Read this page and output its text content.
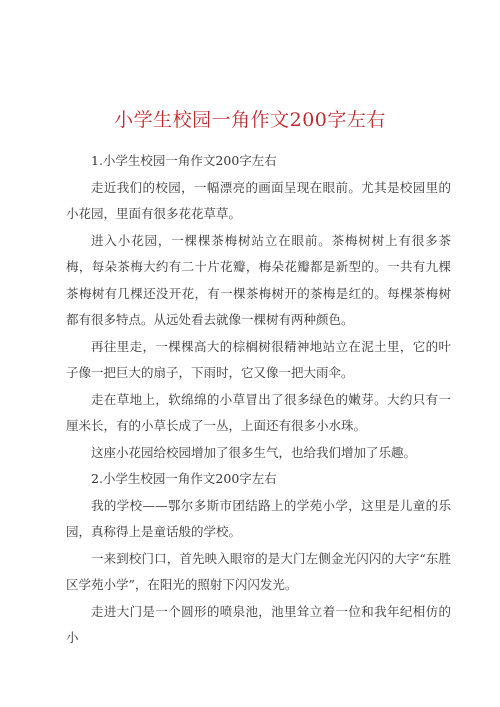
小学生校园一角作文200字左右

1.小学生校园一角作文200字左右

走近我们的校园，一幅漂亮的画面呈现在眼前。尤其是校园里的小花园，里面有很多花花草草。

进入小花园，一棵棵茶梅树站立在眼前。茶梅树树上有很多茶梅，每朵茶梅大约有二十片花瓣，梅朵花瓣都是新型的。一共有九棵茶梅树有几棵还没开花，有一棵茶梅树开的茶梅是红的。每棵茶梅树都有很多特点。从远处看去就像一棵树有两种颜色。

再往里走，一棵棵高大的棕榈树很精神地站立在泥土里，它的叶子像一把巨大的扇子，下雨时，它又像一把大雨伞。

走在草地上，软绵绵的小草冒出了很多绿色的嫩芽。大约只有一厘米长，有的小草长成了一丛，上面还有很多小水珠。

这座小花园给校园增加了很多生气，也给我们增加了乐趣。

2.小学生校园一角作文200字左右

我的学校——鄂尔多斯市团结路上的学苑小学，这里是儿童的乐园，真称得上是童话般的学校。

一来到校门口，首先映入眼帘的是大门左侧金光闪闪的大字“东胜区学苑小学”，在阳光的照射下闪闪发光。

走进大门是一个圆形的喷泉池，池里耸立着一位和我年纪相仿的小
